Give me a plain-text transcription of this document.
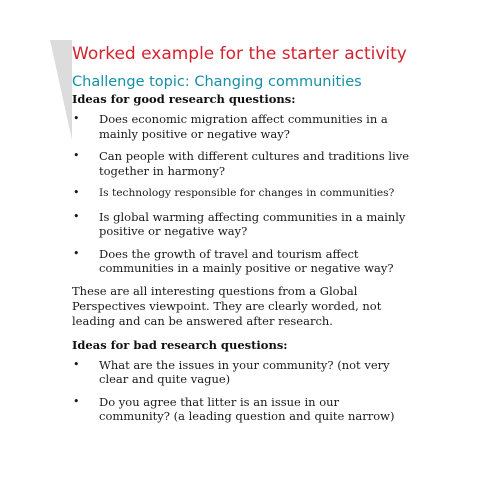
Worked example for the starter activity
Challenge topic: Changing communities
Ideas for good research questions:
• Does economic migration affect communities in a mainly positive or negative way?
• Can people with different cultures and traditions live together in harmony?
• Is technology responsible for changes in communities?
• Is global warming affecting communities in a mainly positive or negative way?
• Does the growth of travel and tourism affect communities in a mainly positive or negative way?

These are all interesting questions from a Global Perspectives viewpoint. They are clearly worded, not leading and can be answered after research.

Ideas for bad research questions:
• What are the issues in your community? (not very clear and quite vague)
• Do you agree that litter is an issue in our community? (a leading question and quite narrow)
